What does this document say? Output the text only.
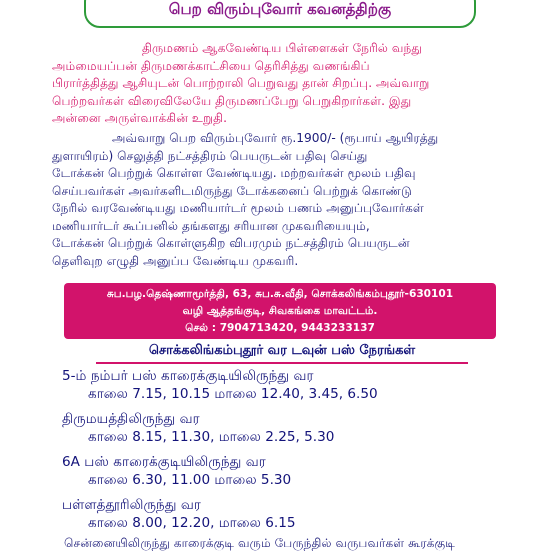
பெற விரும்புவோர் கவனத்திற்கு
திருமணம் ஆகவேண்டிய பிள்ளைகள் நேரில் வந்து
அம்மையப்பன் திருமணக்காட்சியை தெரிசித்து வணங்கிப்
பிரார்த்தித்து ஆசியுடன் பொற்றாலி பெறுவது தான் சிறப்பு. அவ்வாறு
பெற்றவர்கள் விரைவிலேயே திருமணப்பேறு பெறுகிறார்கள். இது
அன்னை அருள்வாக்கின் உறுதி.
அவ்வாறு பெற விரும்புவோர் ரூ.1900/- (ரூபாய் ஆயிரத்து
துளாயிரம்) செலுத்தி நட்சத்திரம் பெயருடன் பதிவு செய்து
டோக்கன் பெற்றுக் கொள்ள வேண்டியது. மற்றவர்கள் மூலம் பதிவு
செய்பவர்கள் அவர்களிடமிருந்து டோக்கனைப் பெற்றுக் கொண்டு
நேரில் வரவேண்டியது மணியார்டர் மூலம் பணம் அனுப்புவோர்கள்
மணியார்டர் கூப்பனில் தங்களது சரியான முகவரியையும்,
டோக்கன் பெற்றுக் கொள்ளுகிற விபரமும் நட்சத்திரம் பெயருடன்
தெளிவுற எழுதி அனுப்ப வேண்டிய முகவரி.
சுப.பழ.தெஷ்ணாமூர்த்தி, 63, சுப.சு.வீதி, சொக்கலிங்கம்புதூர்-630101
வழி ஆத்தங்குடி, சிவகங்கை மாவட்டம்.
செல் : 7904713420, 9443233137
சொக்கலிங்கம்புதூர் வர டவுன் பஸ் நேரங்கள்
5-ம் நம்பர் பஸ் காரைக்குடியிலிருந்து வர
காலை 7.15, 10.15 மாலை 12.40, 3.45, 6.50
திருமயத்திலிருந்து வர
காலை 8.15, 11.30, மாலை 2.25, 5.30
6A பஸ் காரைக்குடியிலிருந்து வர
காலை 6.30, 11.00 மாலை 5.30
பள்ளத்தூரிலிருந்து வர
காலை 8.00, 12.20, மாலை 6.15
சென்னையிலிருந்து காரைக்குடி வரும் பேருந்தில் வருபவர்கள் கூரக்குடி
